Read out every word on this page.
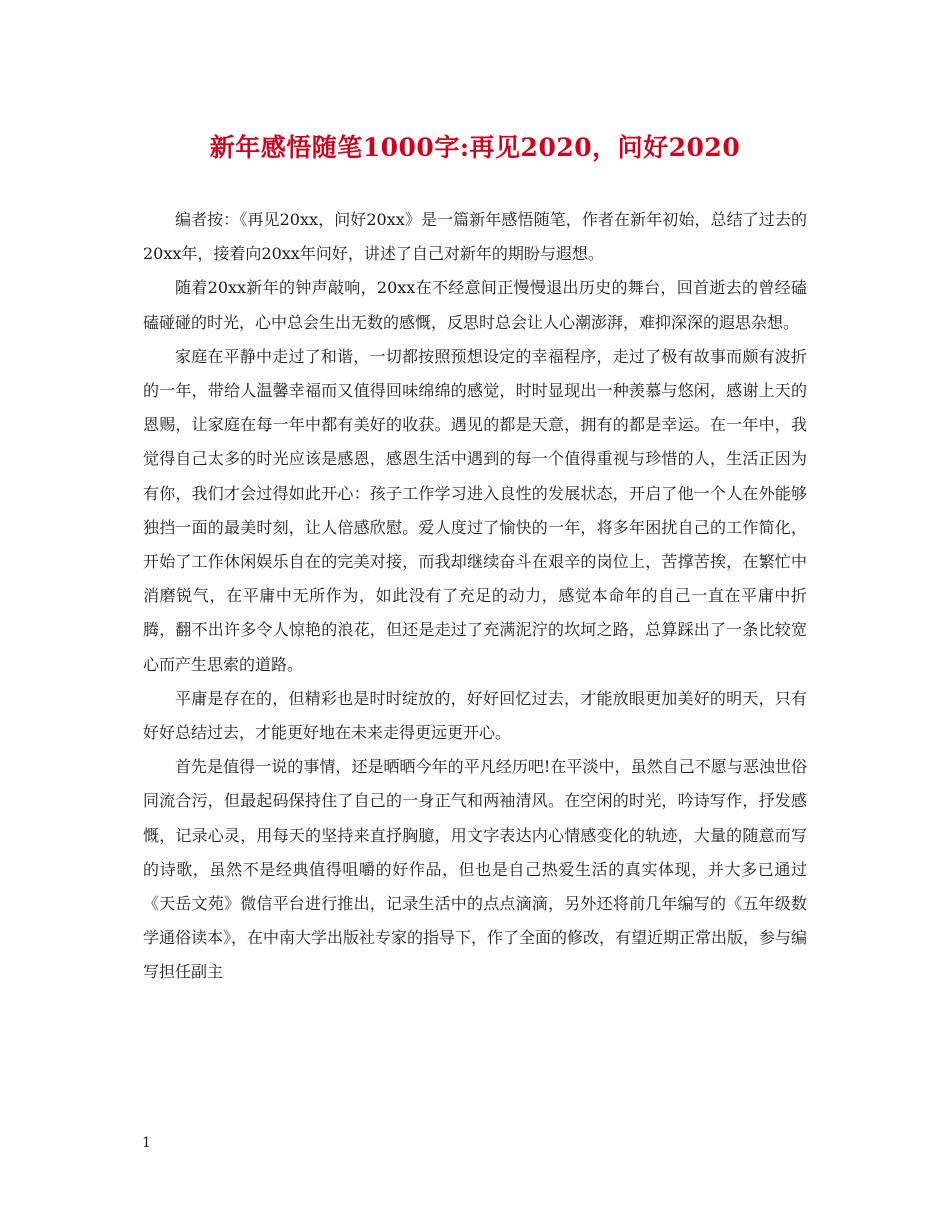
新年感悟随笔1000字:再见2020，问好2020

编者按：《再见20xx，问好20xx》是一篇新年感悟随笔，作者在新年初始，总结了过去的20xx年，接着向20xx年问好，讲述了自己对新年的期盼与遐想。

随着20xx新年的钟声敲响，20xx在不经意间正慢慢退出历史的舞台，回首逝去的曾经磕磕碰碰的时光，心中总会生出无数的感慨，反思时总会让人心潮澎湃，难抑深深的遐思杂想。

家庭在平静中走过了和谐，一切都按照预想设定的幸福程序，走过了极有故事而颇有波折的一年，带给人温馨幸福而又值得回味绵绵的感觉，时时显现出一种羡慕与悠闲，感谢上天的恩赐，让家庭在每一年中都有美好的收获。遇见的都是天意，拥有的都是幸运。在一年中，我觉得自己太多的时光应该是感恩，感恩生活中遇到的每一个值得重视与珍惜的人，生活正因为有你，我们才会过得如此开心：孩子工作学习进入良性的发展状态，开启了他一个人在外能够独挡一面的最美时刻，让人倍感欣慰。爱人度过了愉快的一年，将多年困扰自己的工作简化，开始了工作休闲娱乐自在的完美对接，而我却继续奋斗在艰辛的岗位上，苦撑苦挨，在繁忙中消磨锐气，在平庸中无所作为，如此没有了充足的动力，感觉本命年的自己一直在平庸中折腾，翻不出许多令人惊艳的浪花，但还是走过了充满泥泞的坎坷之路，总算踩出了一条比较宽心而产生思索的道路。

平庸是存在的，但精彩也是时时绽放的，好好回忆过去，才能放眼更加美好的明天，只有好好总结过去，才能更好地在未来走得更远更开心。

首先是值得一说的事情，还是晒晒今年的平凡经历吧!在平淡中，虽然自己不愿与恶浊世俗同流合污，但最起码保持住了自己的一身正气和两袖清风。在空闲的时光，吟诗写作，抒发感慨，记录心灵，用每天的坚持来直抒胸臆，用文字表达内心情感变化的轨迹，大量的随意而写的诗歌，虽然不是经典值得咀嚼的好作品，但也是自己热爱生活的真实体现，并大多已通过《天岳文苑》微信平台进行推出，记录生活中的点点滴滴，另外还将前几年编写的《五年级数学通俗读本》，在中南大学出版社专家的指导下，作了全面的修改，有望近期正常出版，参与编写担任副主

1
